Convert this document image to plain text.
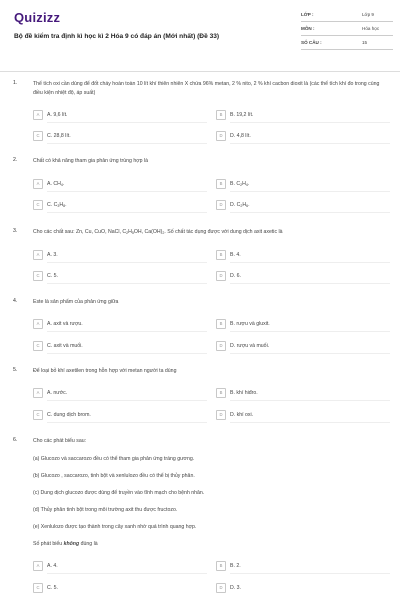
Quizizz
Bộ đề kiểm tra định kì học kì 2 Hóa 9 có đáp án (Mới nhất) (Đề 33)
LỚP :	Lớp 9
MÔN :	Hóa học
SỐ CÂU :	15
1.	Thể tích oxi cần dùng để đốt cháy hoàn toàn 10 lít khí thiên nhiên X chứa 96% metan, 2 % nito, 2 % khí cacbon dioxit là (các thể tích khí đo trong cùng điều kiện nhiệt độ, áp suất)
A	A. 9,6 lít.	B	B. 19,2 lít.
C	C. 28,8 lít.	D	D. 4,8 lít.
2.	Chất có khả năng tham gia phản ứng trùng hợp là
A	A. $CH_4$.	B	B. $C_2H_4$.
C	C. $C_3H_8$.	D	D. $C_2H_6$.
3.	Cho các chất sau: Zn, Cu, CuO, NaCl, $C_2H_5OH$, $Ca(OH)_2$. Số chất tác dụng được với dung dịch axit axetic là
A	A. 3.	B	B. 4.
C	C. 5.	D	D. 6.
4.	Este là sản phẩm của phản ứng giữa
A	A. axit và rượu.	B	B. rượu và gluxit.
C	C. axit và muối.	D	D. rượu và muối.
5.	Để loại bỏ khí axetilen trong hỗn hợp với metan người ta dùng
A	A. nước.	B	B. khí hiđro.
C	C. dung dịch brom.	D	D. khí oxi.
6.	Cho các phát biểu sau:
(a) Glucozo và saccarozo đều có thể tham gia phản ứng tráng gương.
(b) Glucozo , saccarozo, tinh bột và xenlulozo đều có thể bị thủy phân.
(c) Dung dịch glucozo được dùng để truyền vào tĩnh mạch cho bệnh nhân.
(d) Thủy phân tinh bột trong môi trường axit thu được fructozo.
(e) Xenlulozo được tạo thành trong cây xanh nhờ quá trình quang hợp.
Số phát biểu không đúng là
A	A. 4.	B	B. 2.
C	C. 5.	D	D. 3.
